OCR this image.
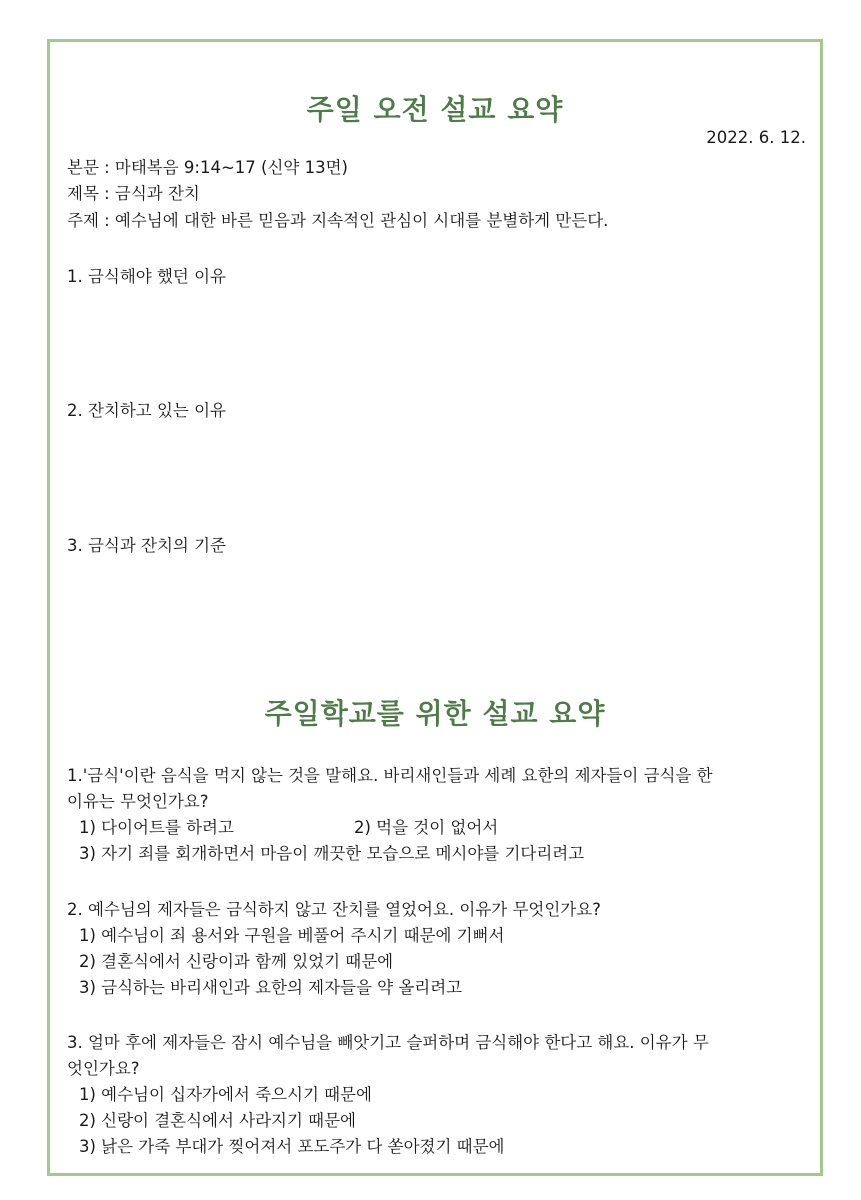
주일 오전 설교 요약
2022. 6. 12.
본문 : 마태복음 9:14~17 (신약 13면)
제목 : 금식과 잔치
주제 : 예수님에 대한 바른 믿음과 지속적인 관심이 시대를 분별하게 만든다.
1. 금식해야 했던 이유
2. 잔치하고 있는 이유
3. 금식과 잔치의 기준
주일학교를 위한 설교 요약
1.'금식'이란 음식을 먹지 않는 것을 말해요. 바리새인들과 세례 요한의 제자들이 금식을 한
이유는 무엇인가요?
1) 다이어트를 하려고	2) 먹을 것이 없어서
3) 자기 죄를 회개하면서 마음이 깨끗한 모습으로 메시야를 기다리려고
2. 예수님의 제자들은 금식하지 않고 잔치를 열었어요. 이유가 무엇인가요?
1) 예수님이 죄 용서와 구원을 베풀어 주시기 때문에 기뻐서
2) 결혼식에서 신랑이과 함께 있었기 때문에
3) 금식하는 바리새인과 요한의 제자들을 약 올리려고
3. 얼마 후에 제자들은 잠시 예수님을 빼앗기고 슬퍼하며 금식해야 한다고 해요. 이유가 무
엇인가요?
1) 예수님이 십자가에서 죽으시기 때문에
2) 신랑이 결혼식에서 사라지기 때문에
3) 낡은 가죽 부대가 찢어져서 포도주가 다 쏟아졌기 때문에
